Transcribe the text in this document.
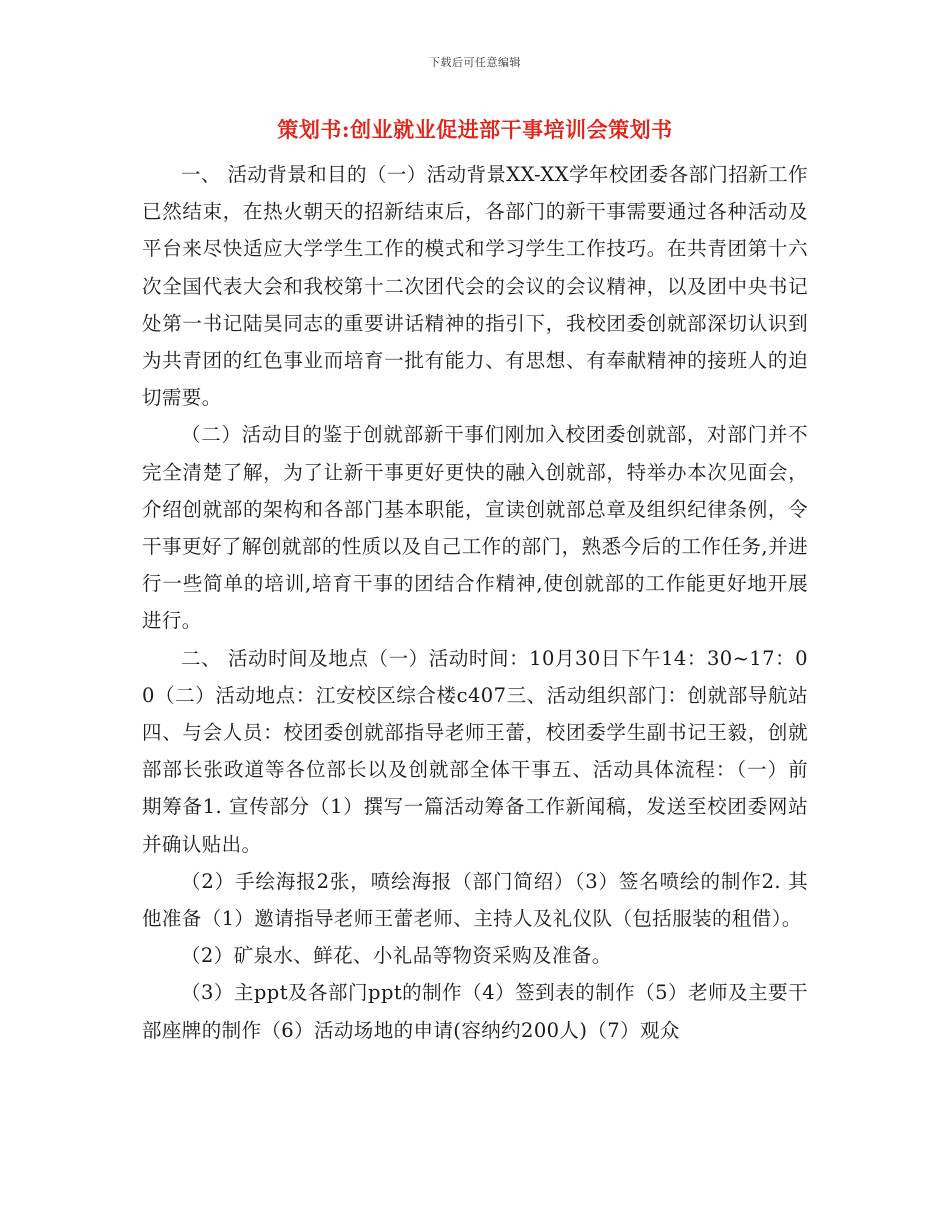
下载后可任意编辑
策划书:创业就业促进部干事培训会策划书

一、 活动背景和目的（一）活动背景XX-XX学年校团委各部门招新工作已然结束，在热火朝天的招新结束后，各部门的新干事需要通过各种活动及平台来尽快适应大学学生工作的模式和学习学生工作技巧。在共青团第十六次全国代表大会和我校第十二次团代会的会议的会议精神，以及团中央书记处第一书记陆昊同志的重要讲话精神的指引下，我校团委创就部深切认识到为共青团的红色事业而培育一批有能力、有思想、有奉献精神的接班人的迫切需要。

（二）活动目的鉴于创就部新干事们刚加入校团委创就部，对部门并不完全清楚了解，为了让新干事更好更快的融入创就部，特举办本次见面会，介绍创就部的架构和各部门基本职能，宣读创就部总章及组织纪律条例，令干事更好了解创就部的性质以及自己工作的部门，熟悉今后的工作任务,并进行一些简单的培训,培育干事的团结合作精神,使创就部的工作能更好地开展进行。

二、 活动时间及地点（一）活动时间：10月30日下午14：30~17：00（二）活动地点：江安校区综合楼c407三、活动组织部门：创就部导航站四、与会人员：校团委创就部指导老师王蕾，校团委学生副书记王毅，创就部部长张政道等各位部长以及创就部全体干事五、活动具体流程：（一）前期筹备1. 宣传部分（1）撰写一篇活动筹备工作新闻稿，发送至校团委网站并确认贴出。

（2）手绘海报2张，喷绘海报（部门简绍）（3）签名喷绘的制作2. 其他准备（1）邀请指导老师王蕾老师、主持人及礼仪队（包括服装的租借）。

（2）矿泉水、鲜花、小礼品等物资采购及准备。

（3）主ppt及各部门ppt的制作（4）签到表的制作（5）老师及主要干部座牌的制作（6）活动场地的申请(容纳约200人)（7）观众
